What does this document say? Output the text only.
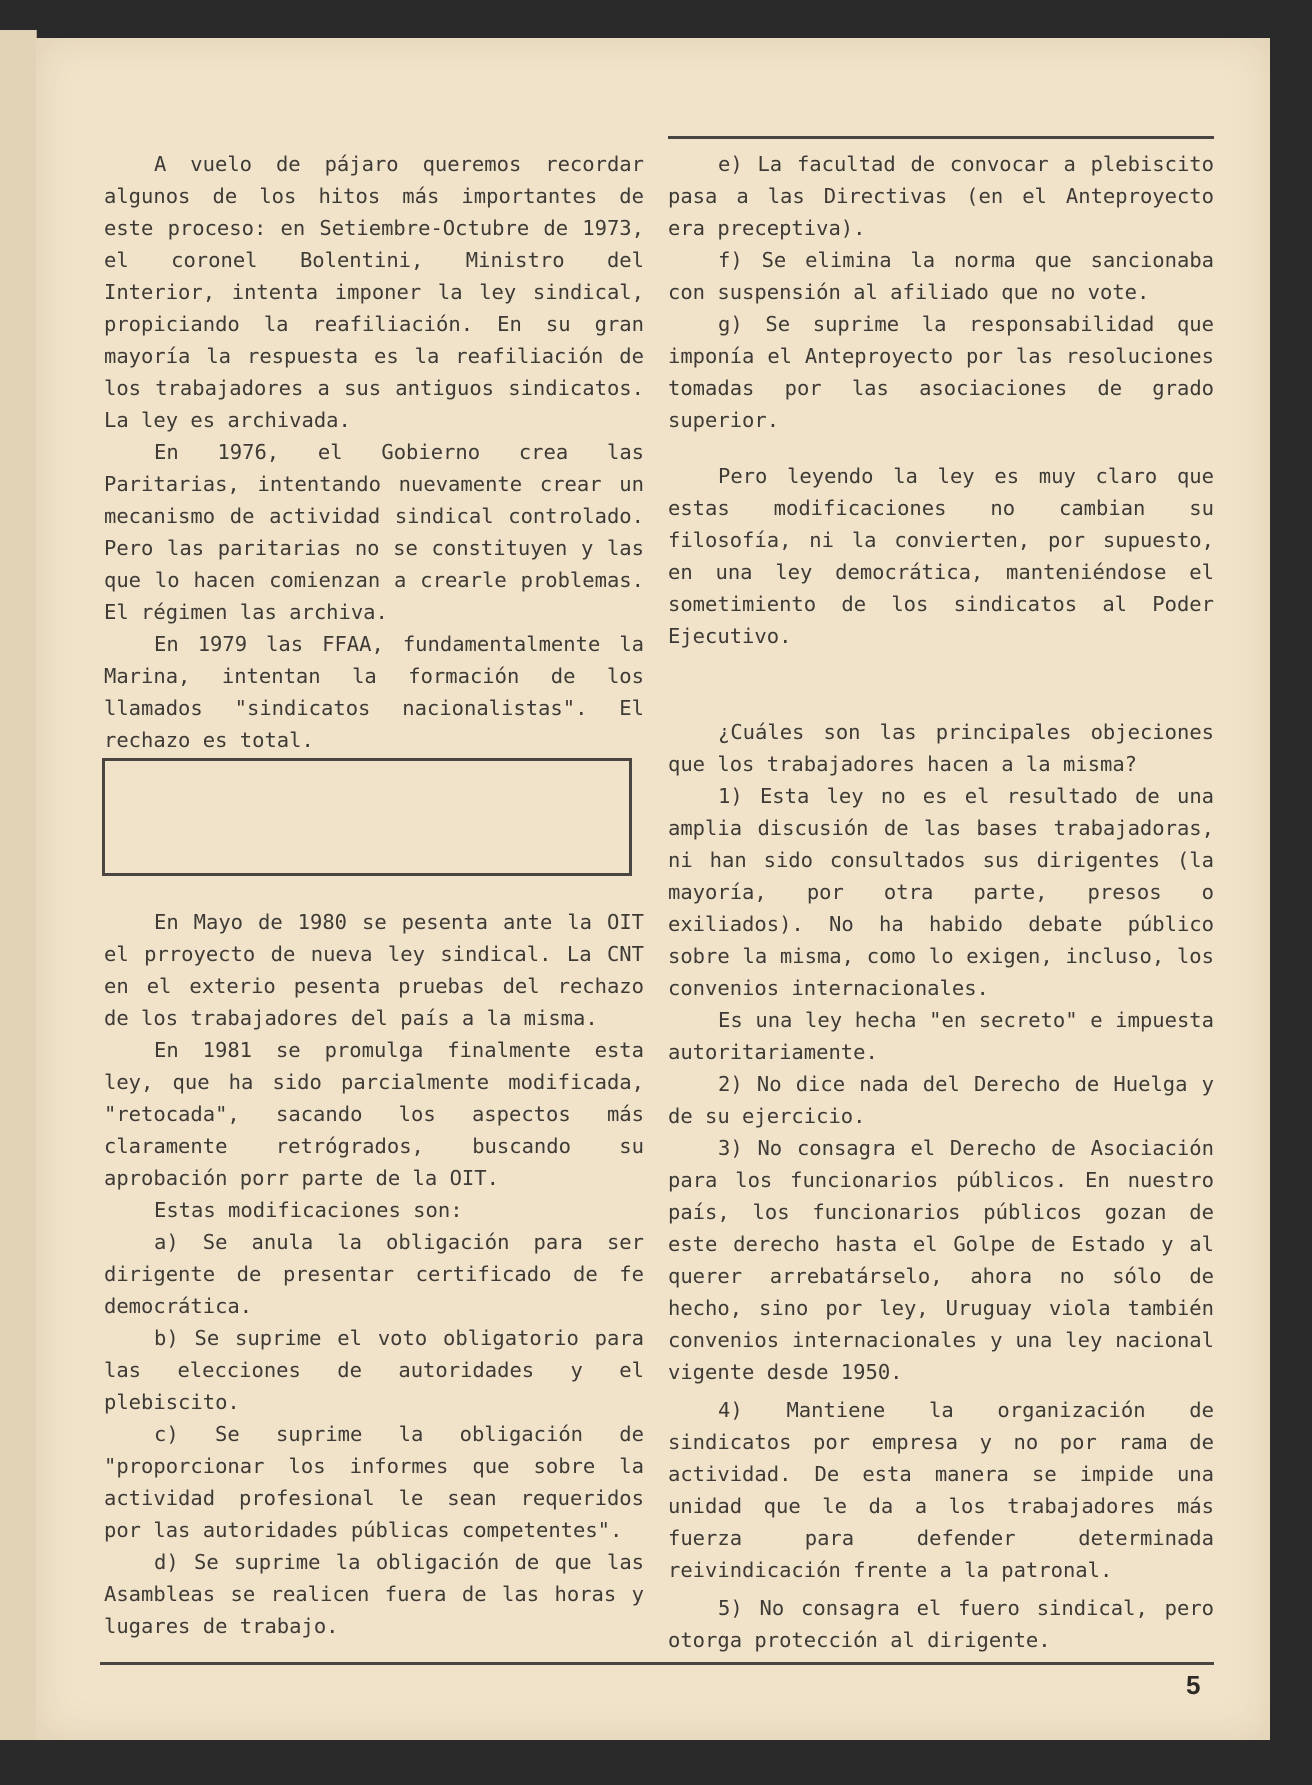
A vuelo de pájaro queremos recordar algunos de los hitos más importantes de este proceso: en Setiembre-Octubre de 1973, el coronel Bolentini, Ministro del Interior, intenta imponer la ley sindical, propiciando la reafiliación. En su gran mayoría la respuesta es la reafiliación de los trabajadores a sus antiguos sindicatos. La ley es archivada.

En 1976, el Gobierno crea las Paritarias, intentando nuevamente crear un mecanismo de actividad sindical controlado. Pero las paritarias no se constituyen y las que lo hacen comienzan a crearle problemas. El régimen las archiva.

En 1979 las FFAA, fundamentalmente la Marina, intentan la formación de los llamados "sindicatos nacionalistas". El rechazo es total.

En Mayo de 1980 se pesenta ante la OIT el prroyecto de nueva ley sindical. La CNT en el exterio pesenta pruebas del rechazo de los trabajadores del país a la misma.

En 1981 se promulga finalmente esta ley, que ha sido parcialmente modificada, "retocada", sacando los aspectos más claramente retrógrados, buscando su aprobación porr parte de la OIT.

Estas modificaciones son:

a) Se anula la obligación para ser dirigente de presentar certificado de fe democrática.

b) Se suprime el voto obligatorio para las elecciones de autoridades y el plebiscito.

c) Se suprime la obligación de "proporcionar los informes que sobre la actividad profesional le sean requeridos por las autoridades públicas competentes".

d) Se suprime la obligación de que las Asambleas se realicen fuera de las horas y lugares de trabajo.

e) La facultad de convocar a plebiscito pasa a las Directivas (en el Anteproyecto era preceptiva).

f) Se elimina la norma que sancionaba con suspensión al afiliado que no vote.

g) Se suprime la responsabilidad que imponía el Anteproyecto por las resoluciones tomadas por las asociaciones de grado superior.

Pero leyendo la ley es muy claro que estas modificaciones no cambian su filosofía, ni la convierten, por supuesto, en una ley democrática, manteniéndose el sometimiento de los sindicatos al Poder Ejecutivo.

¿Cuáles son las principales objeciones que los trabajadores hacen a la misma?

1) Esta ley no es el resultado de una amplia discusión de las bases trabajadoras, ni han sido consultados sus dirigentes (la mayoría, por otra parte, presos o exiliados). No ha habido debate público sobre la misma, como lo exigen, incluso, los convenios internacionales.

Es una ley hecha "en secreto" e impuesta autoritariamente.

2) No dice nada del Derecho de Huelga y de su ejercicio.

3) No consagra el Derecho de Asociación para los funcionarios públicos. En nuestro país, los funcionarios públicos gozan de este derecho hasta el Golpe de Estado y al querer arrebatárselo, ahora no sólo de hecho, sino por ley, Uruguay viola también convenios internacionales y una ley nacional vigente desde 1950.

4) Mantiene la organización de sindicatos por empresa y no por rama de actividad. De esta manera se impide una unidad que le da a los trabajadores más fuerza para defender determinada reivindicación frente a la patronal.

5) No consagra el fuero sindical, pero otorga protección al dirigente.

5
